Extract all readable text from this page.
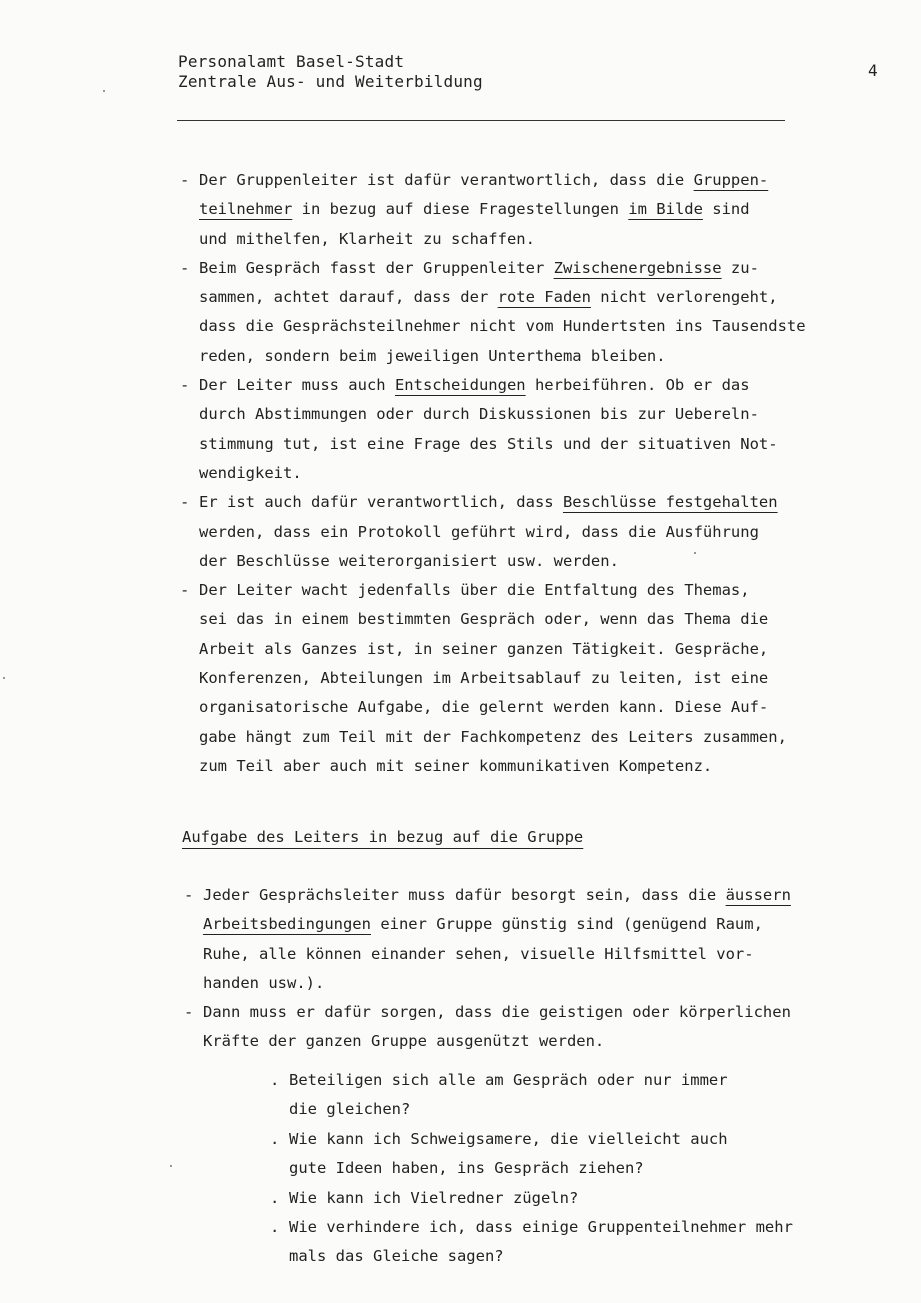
Personalamt Basel-Stadt
Zentrale Aus- und Weiterbildung
4

- Der Gruppenleiter ist dafür verantwortlich, dass die Gruppen-
teilnehmer in bezug auf diese Fragestellungen im Bilde sind
und mithelfen, Klarheit zu schaffen.

- Beim Gespräch fasst der Gruppenleiter Zwischenergebnisse zu-
sammen, achtet darauf, dass der rote Faden nicht verlorengeht,
dass die Gesprächsteilnehmer nicht vom Hundertsten ins Tausendste
reden, sondern beim jeweiligen Unterthema bleiben.

- Der Leiter muss auch Entscheidungen herbeiführen. Ob er das
durch Abstimmungen oder durch Diskussionen bis zur Uebereln-
stimmung tut, ist eine Frage des Stils und der situativen Not-
wendigkeit.

- Er ist auch dafür verantwortlich, dass Beschlüsse festgehalten
werden, dass ein Protokoll geführt wird, dass die Ausführung
der Beschlüsse weiterorganisiert usw. werden.

- Der Leiter wacht jedenfalls über die Entfaltung des Themas,
sei das in einem bestimmten Gespräch oder, wenn das Thema die
Arbeit als Ganzes ist, in seiner ganzen Tätigkeit. Gespräche,
Konferenzen, Abteilungen im Arbeitsablauf zu leiten, ist eine
organisatorische Aufgabe, die gelernt werden kann. Diese Auf-
gabe hängt zum Teil mit der Fachkompetenz des Leiters zusammen,
zum Teil aber auch mit seiner kommunikativen Kompetenz.

Aufgabe des Leiters in bezug auf die Gruppe

- Jeder Gesprächsleiter muss dafür besorgt sein, dass die äussern
Arbeitsbedingungen einer Gruppe günstig sind (genügend Raum,
Ruhe, alle können einander sehen, visuelle Hilfsmittel vor-
handen usw.).

- Dann muss er dafür sorgen, dass die geistigen oder körperlichen
Kräfte der ganzen Gruppe ausgenützt werden.

. Beteiligen sich alle am Gespräch oder nur immer
die gleichen?

. Wie kann ich Schweigsamere, die vielleicht auch
gute Ideen haben, ins Gespräch ziehen?

. Wie kann ich Vielredner zügeln?

. Wie verhindere ich, dass einige Gruppenteilnehmer mehr
mals das Gleiche sagen?
